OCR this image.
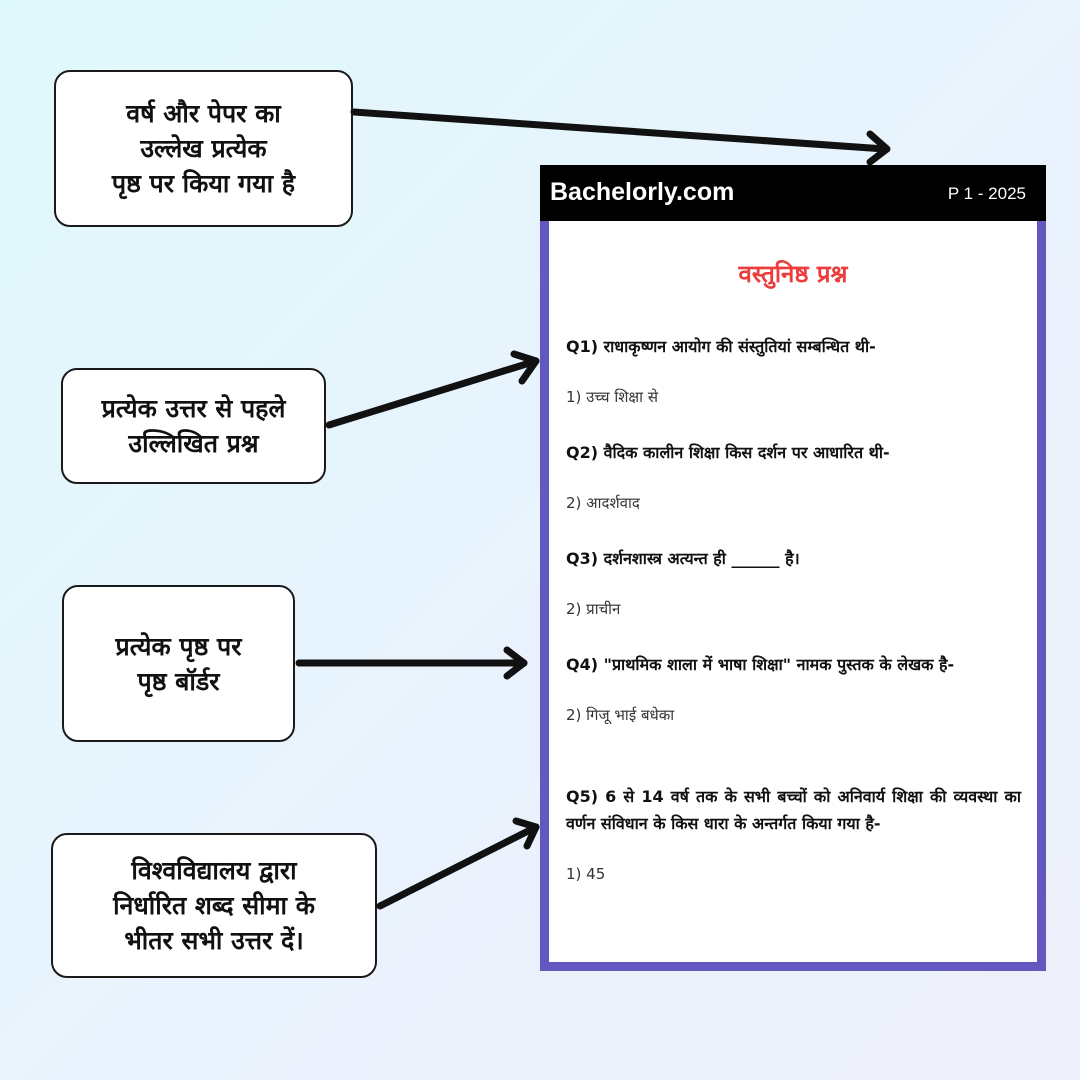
वर्ष और पेपर का
उल्लेख प्रत्येक
पृष्ठ पर किया गया है
प्रत्येक उत्तर से पहले
उल्लिखित प्रश्न
प्रत्येक पृष्ठ पर
पृष्ठ बॉर्डर
विश्वविद्यालय द्वारा
निर्धारित शब्द सीमा के
भीतर सभी उत्तर दें।
Bachelorly.com	P 1 - 2025
वस्तुनिष्ठ प्रश्न
Q1) राधाकृष्णन आयोग की संस्तुतियां सम्बन्धित थी-
1) उच्च शिक्षा से
Q2) वैदिक कालीन शिक्षा किस दर्शन पर आधारित थी-
2) आदर्शवाद
Q3) दर्शनशास्त्र अत्यन्त ही ______ है।
2) प्राचीन
Q4) "प्राथमिक शाला में भाषा शिक्षा" नामक पुस्तक के लेखक है-
2) गिजू भाई बधेका
Q5) 6 से 14 वर्ष तक के सभी बच्चों को अनिवार्य शिक्षा की व्यवस्था का वर्णन संविधान के किस धारा के अन्तर्गत किया गया है-
1) 45
